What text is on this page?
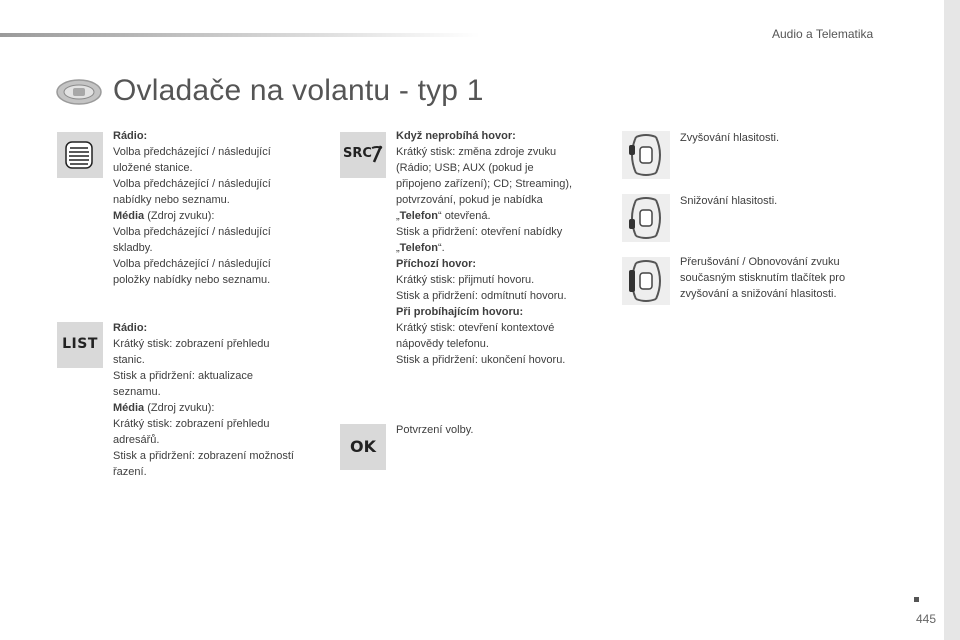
Audio a Telematika
Ovladače na volantu - typ 1
Rádio:
Volba předcházející / následující
uložené stanice.
Volba předcházející / následující
nabídky nebo seznamu.
Média (Zdroj zvuku):
Volba předcházející / následující
skladby.
Volba předcházející / následující
položky nabídky nebo seznamu.
LIST
Rádio:
Krátký stisk: zobrazení přehledu
stanic.
Stisk a přidržení: aktualizace
seznamu.
Média (Zdroj zvuku):
Krátký stisk: zobrazení přehledu
adresářů.
Stisk a přidržení: zobrazení možností
řazení.
SRC
Když neprobíhá hovor:
Krátký stisk: změna zdroje zvuku
(Rádio; USB; AUX (pokud je
připojeno zařízení); CD; Streaming),
potvrzování, pokud je nabídka
„Telefon“ otevřená.
Stisk a přidržení: otevření nabídky
„Telefon“.
Příchozí hovor:
Krátký stisk: přijmutí hovoru.
Stisk a přidržení: odmítnutí hovoru.
Při probíhajícím hovoru:
Krátký stisk: otevření kontextové
nápovědy telefonu.
Stisk a přidržení: ukončení hovoru.
OK
Potvrzení volby.
Zvyšování hlasitosti.
Snižování hlasitosti.
Přerušování / Obnovování zvuku
současným stisknutím tlačítek pro
zvyšování a snižování hlasitosti.
445
